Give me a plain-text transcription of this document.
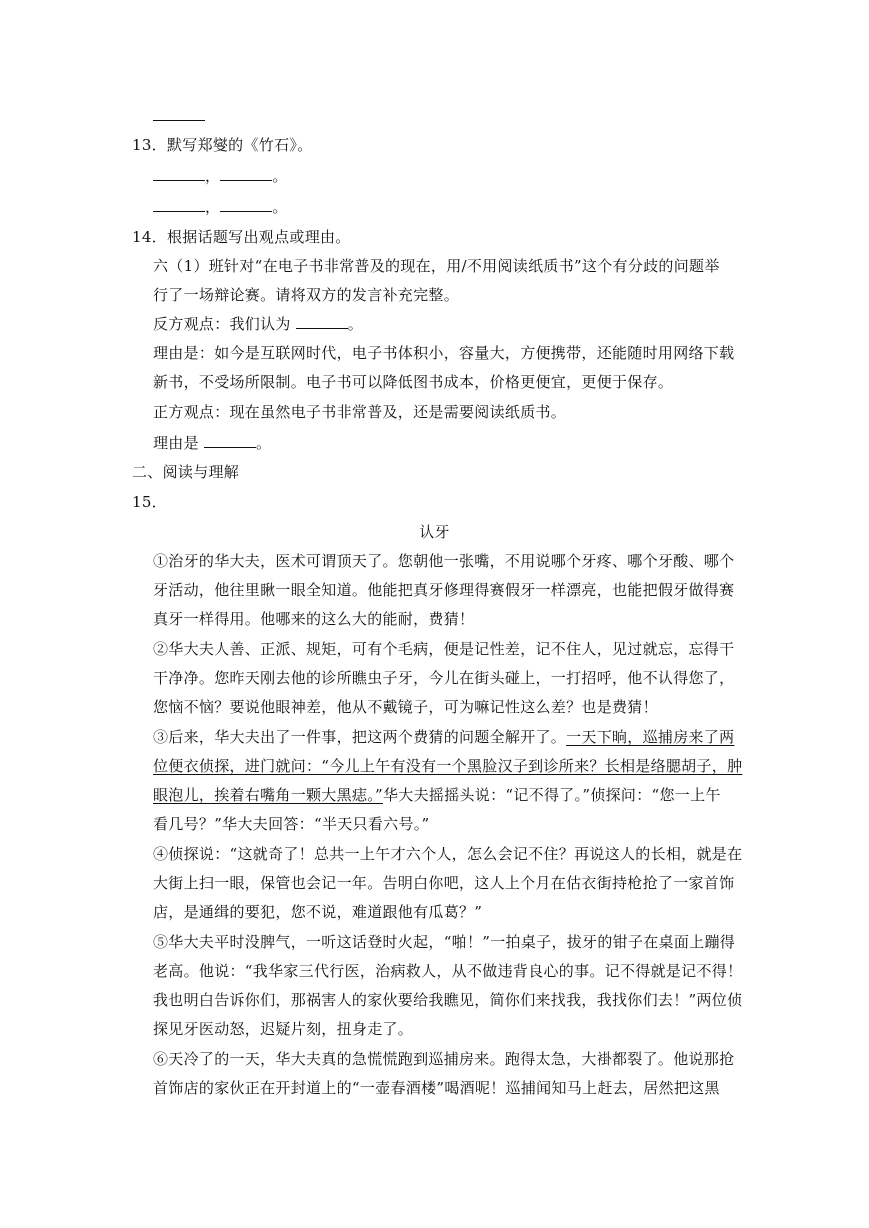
13．默写郑燮的《竹石》。
，	。
，	。
14．根据话题写出观点或理由。
六（1）班针对“在电子书非常普及的现在，用/不用阅读纸质书”这个有分歧的问题举
行了一场辩论赛。请将双方的发言补充完整。
反方观点：我们认为	。
理由是：如今是互联网时代，电子书体积小，容量大，方便携带，还能随时用网络下载
新书，不受场所限制。电子书可以降低图书成本，价格更便宜，更便于保存。
正方观点：现在虽然电子书非常普及，还是需要阅读纸质书。
理由是	。
二、阅读与理解
15．
认牙
①治牙的华大夫，医术可谓顶天了。您朝他一张嘴，不用说哪个牙疼、哪个牙酸、哪个
牙活动，他往里瞅一眼全知道。他能把真牙修理得赛假牙一样漂亮，也能把假牙做得赛
真牙一样得用。他哪来的这么大的能耐，费猜！
②华大夫人善、正派、规矩，可有个毛病，便是记性差，记不住人，见过就忘，忘得干
干净净。您昨天刚去他的诊所瞧虫子牙，今儿在街头碰上，一打招呼，他不认得您了，
您恼不恼？要说他眼神差，他从不戴镜子，可为嘛记性这么差？也是费猜！
③后来，华大夫出了一件事，把这两个费猜的问题全解开了。一天下晌，巡捕房来了两
位便衣侦探，进门就问：“今儿上午有没有一个黑脸汉子到诊所来？长相是络腮胡子，肿
眼泡儿，挨着右嘴角一颗大黑痣。”华大夫摇摇头说：“记不得了。”侦探问：“您一上午
看几号？”华大夫回答：“半天只看六号。”
④侦探说：“这就奇了！总共一上午才六个人，怎么会记不住？再说这人的长相，就是在
大街上扫一眼，保管也会记一年。告明白你吧，这人上个月在估衣街持枪抢了一家首饰
店，是通缉的要犯，您不说，难道跟他有瓜葛？”
⑤华大夫平时没脾气，一听这话登时火起，“啪！”一拍桌子，拔牙的钳子在桌面上蹦得
老高。他说：“我华家三代行医，治病救人，从不做违背良心的事。记不得就是记不得！
我也明白告诉你们，那祸害人的家伙要给我瞧见，简你们来找我，我找你们去！”两位侦
探见牙医动怒，迟疑片刻，扭身走了。
⑥天冷了的一天，华大夫真的急慌慌跑到巡捕房来。跑得太急，大褂都裂了。他说那抢
首饰店的家伙正在开封道上的“一壶春酒楼”喝酒呢！巡捕闻知马上赶去，居然把这黑
